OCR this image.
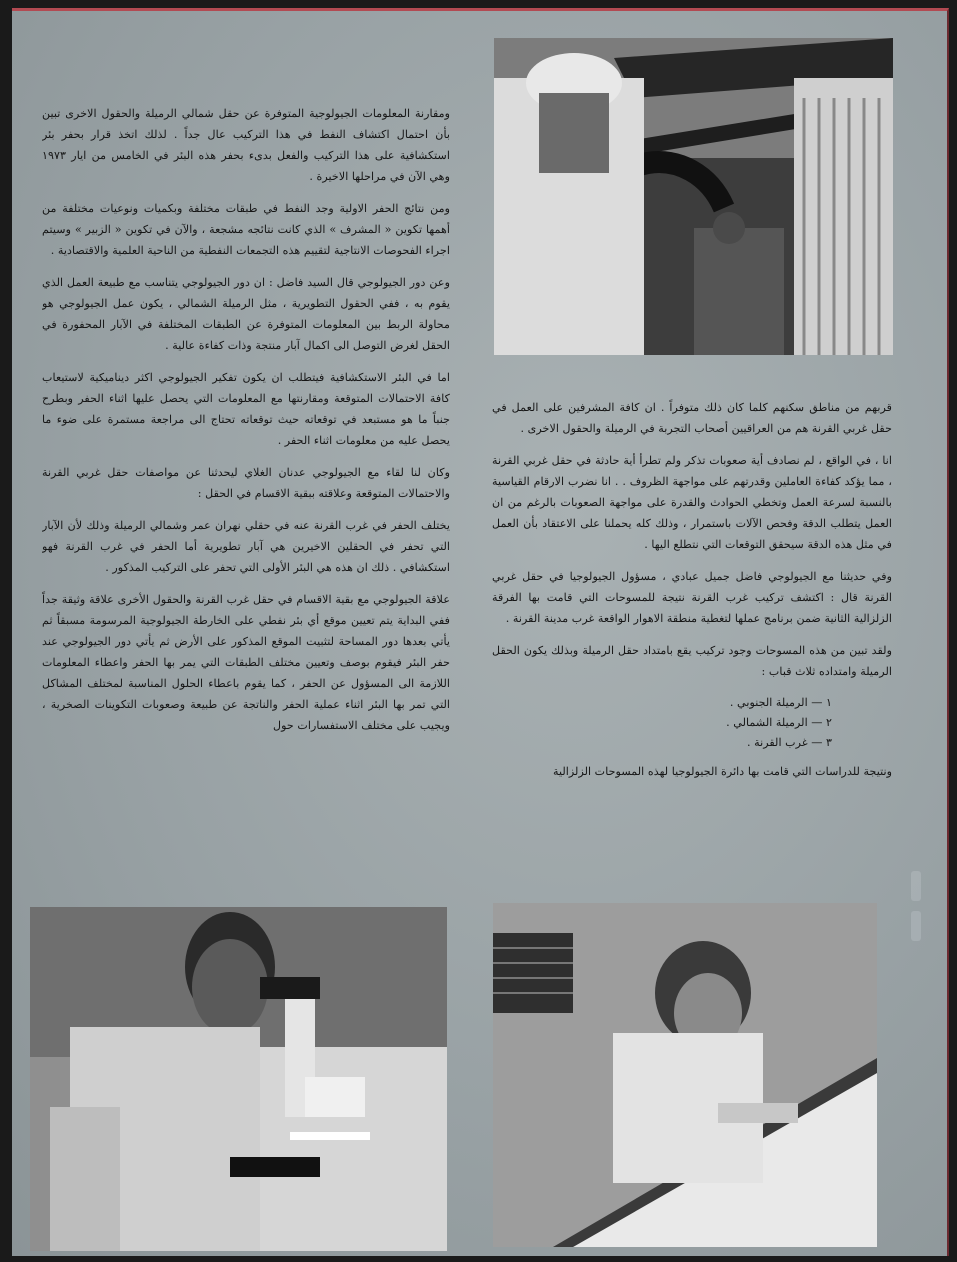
ومقارنة المعلومات الجيولوجية المتوفرة عن حقل شمالي الرميلة والحقول الاخرى تبين بأن احتمال اكتشاف النفط في هذا التركيب عال جداً . لذلك اتخذ قرار بحفر بئر استكشافية على هذا التركيب والفعل بدىء بحفر هذه البئر في الخامس من ايار ١٩٧٣ وهي الآن في مراحلها الاخيرة .

ومن نتائج الحفر الاولية وجد النفط في طبقات مختلفة وبكميات ونوعيات مختلفة من أهمها تكوين « المشرف » الذي كانت نتائجه مشجعة ، والآن في تكوين « الزبير » وسيتم اجراء الفحوصات الانتاجية لتقييم هذه التجمعات النفطية من الناحية العلمية والاقتصادية .

وعن دور الجيولوجي قال السيد فاضل : ان دور الجيولوجي يتناسب مع طبيعة العمل الذي يقوم به ، ففي الحقول التطويرية ، مثل الرميلة الشمالي ، يكون عمل الجيولوجي هو محاولة الربط بين المعلومات المتوفرة عن الطبقات المختلفة في الآبار المحفورة في الحقل لغرض التوصل الى اكمال آبار منتجة وذات كفاءة عالية .

اما في البئر الاستكشافية فيتطلب ان يكون تفكير الجيولوجي اكثر ديناميكية لاستيعاب كافة الاحتمالات المتوقعة ومقارنتها مع المعلومات التي يحصل عليها اثناء الحفر وبطرح جنباً ما هو مستبعد في توقعاته حيث توقعاته تحتاج الى مراجعة مستمرة على ضوء ما يحصل عليه من معلومات اثناء الحفر .

وكان لنا لقاء مع الجيولوجي عدنان الغلاي ليحدثنا عن مواصفات حقل غربي القرنة والاحتمالات المتوقعة وعلاقته ببقية الاقسام في الحقل :

يختلف الحفر في غرب القرنة عنه في حقلي نهران عمر وشمالي الرميلة وذلك لأن الآبار التي تحفر في الحقلين الاخيرين هي آبار تطويرية أما الحفر في غرب القرنة فهو استكشافي . ذلك ان هذه هي البئر الأولى التي تحفر على التركيب المذكور .

علاقة الجيولوجي مع بقية الاقسام في حقل غرب القرنة والحقول الأخرى علاقة وثيقة جداً ففي البداية يتم تعيين موقع أي بئر نفطي على الخارطة الجيولوجية المرسومة مسبقاً ثم يأتي بعدها دور المساحة لتثبيت الموقع المذكور على الأرض ثم يأتي دور الجيولوجي عند حفر البئر فيقوم بوصف وتعيين مختلف الطبقات التي يمر بها الحفر واعطاء المعلومات اللازمة الى المسؤول عن الحفر ، كما يقوم باعطاء الحلول المناسبة لمختلف المشاكل التي تمر بها البئر اثناء عملية الحفر والناتجة عن طبيعة وصعوبات التكوينات الصخرية ، ويجيب على مختلف الاستفسارات حول

قربهم من مناطق سكنهم كلما كان ذلك متوفراً . ان كافة المشرفين على العمل في حقل غربي القرنة هم من العراقيين أصحاب التجربة في الرميلة والحقول الاخرى .

انا ، في الواقع ، لم نصادف أية صعوبات تذكر ولم تطرأ أية حادثة في حقل غربي القرنة ، مما يؤكد كفاءة العاملين وقدرتهم على مواجهة الظروف . . انا نضرب الارقام القياسية بالنسبة لسرعة العمل وتخطي الحوادث والقدرة على مواجهة الصعوبات بالرغم من ان العمل يتطلب الدقة وفحص الآلات باستمرار ، وذلك كله يحملنا على الاعتقاد بأن العمل في مثل هذه الدقة سيحقق التوقعات التي نتطلع اليها .

وفي حديثنا مع الجيولوجي فاضل جميل عبادي ، مسؤول الجيولوجيا في حقل غربي القرنة قال : اكتشف تركيب غرب القرنة نتيجة للمسوحات التي قامت بها الفرقة الزلزالية الثانية ضمن برنامج عملها لتغطية منطقة الاهوار الواقعة غرب مدينة القرنة .

ولقد تبين من هذه المسوحات وجود تركيب يقع بامتداد حقل الرميلة وبذلك يكون الحقل الرميلة وامتداده ثلاث قباب :

١ — الرميلة الجنوبي .
٢ — الرميلة الشمالي .
٣ — غرب القرنة .

ونتيجة للدراسات التي قامت بها دائرة الجيولوجيا لهذه المسوحات الزلزالية
